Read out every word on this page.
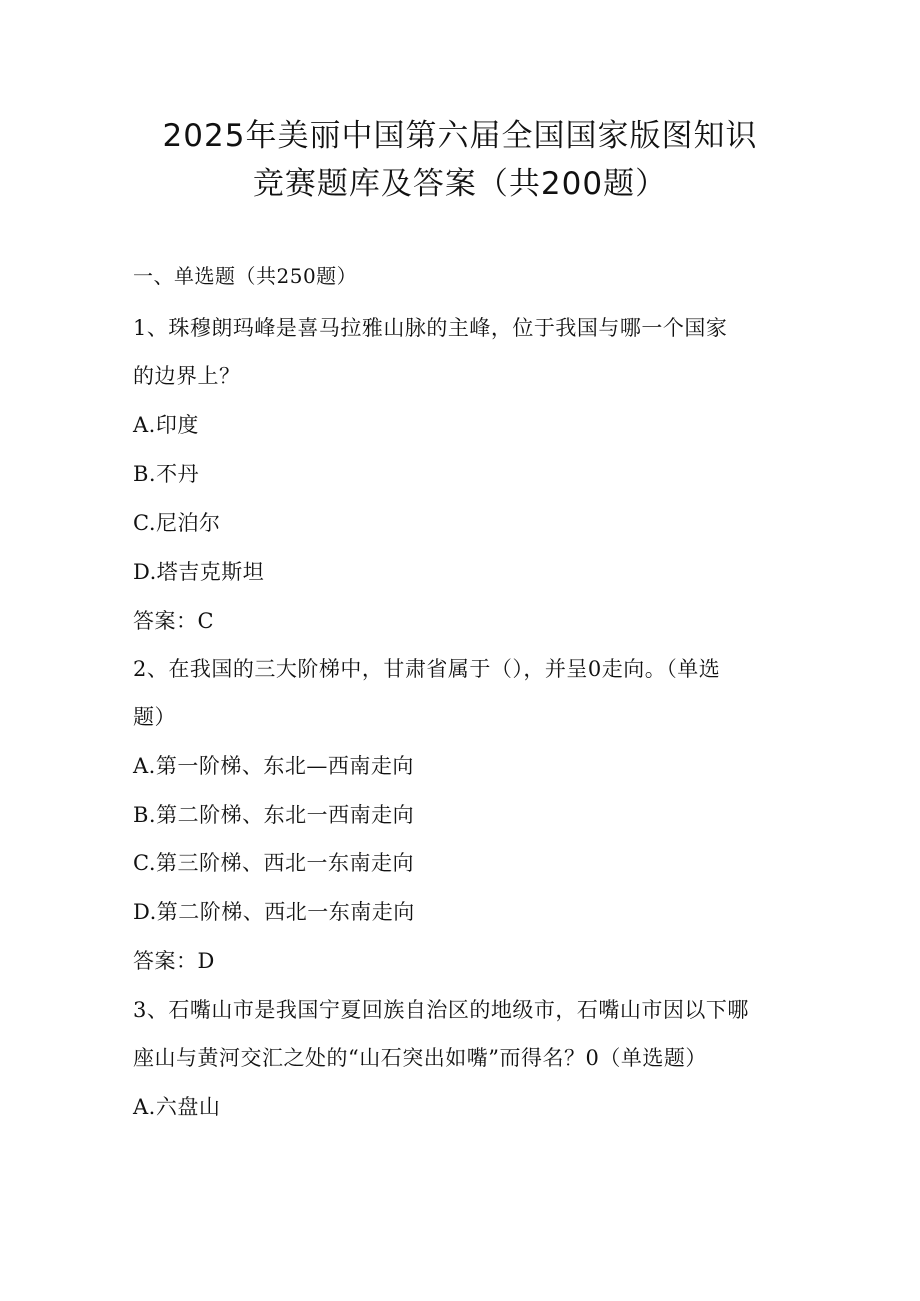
2025年美丽中国第六届全国国家版图知识
竞赛题库及答案（共200题）
一、单选题（共250题）
1、珠穆朗玛峰是喜马拉雅山脉的主峰，位于我国与哪一个国家
的边界上？
A.印度
B.不丹
C.尼泊尔
D.塔吉克斯坦
答案：C
2、在我国的三大阶梯中，甘肃省属于（），并呈0走向。（单选
题）
A.第一阶梯、东北—西南走向
B.第二阶梯、东北一西南走向
C.第三阶梯、西北一东南走向
D.第二阶梯、西北一东南走向
答案：D
3、石嘴山市是我国宁夏回族自治区的地级市，石嘴山市因以下哪
座山与黄河交汇之处的“山石突出如嘴”而得名？0（单选题）
A.六盘山
